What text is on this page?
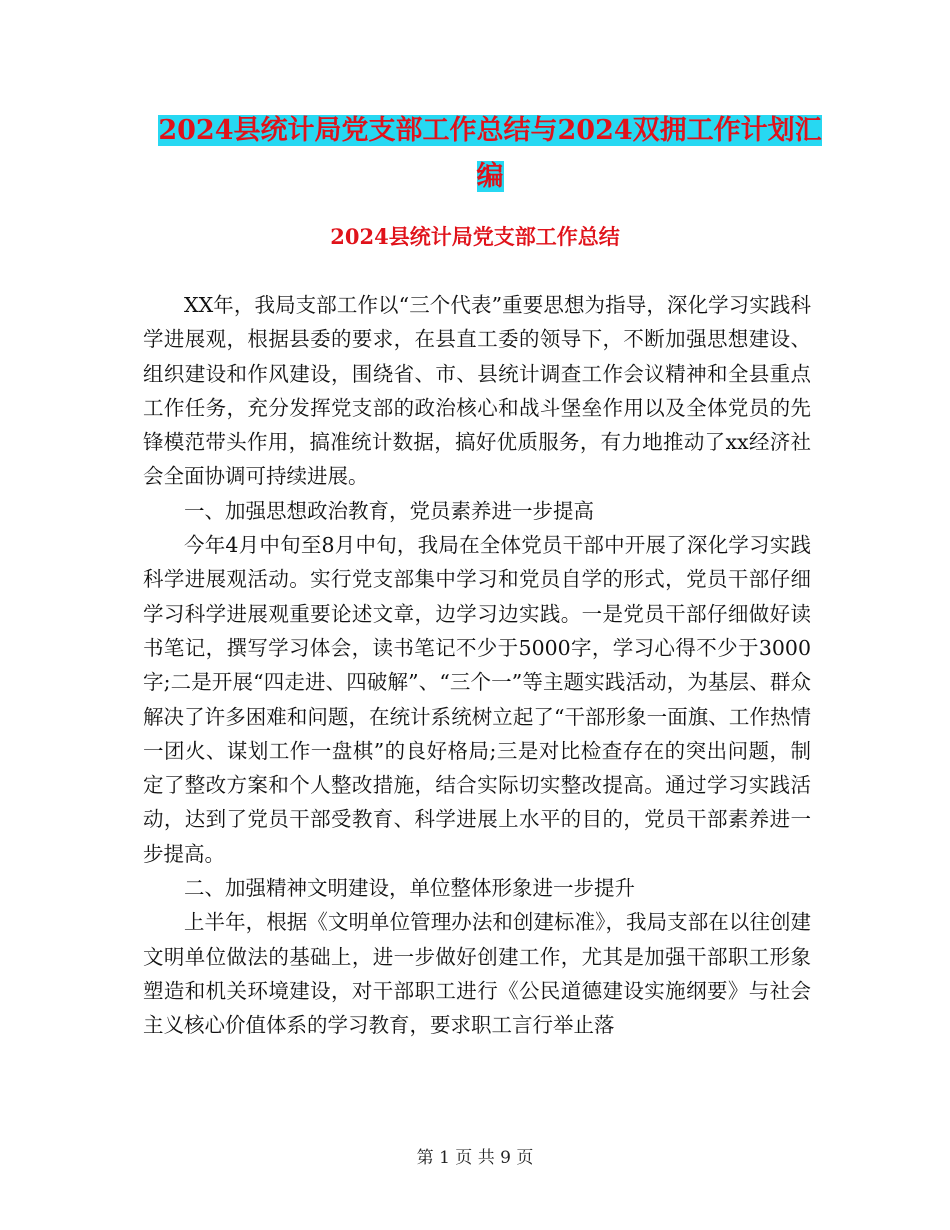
2024县统计局党支部工作总结与2024双拥工作计划汇
编
2024县统计局党支部工作总结

XX年，我局支部工作以“三个代表”重要思想为指导，深化学习实践科学进展观，根据县委的要求，在县直工委的领导下，不断加强思想建设、组织建设和作风建设，围绕省、市、县统计调查工作会议精神和全县重点工作任务，充分发挥党支部的政治核心和战斗堡垒作用以及全体党员的先锋模范带头作用，搞准统计数据，搞好优质服务，有力地推动了xx经济社会全面协调可持续进展。

一、加强思想政治教育，党员素养进一步提高

今年4月中旬至8月中旬，我局在全体党员干部中开展了深化学习实践科学进展观活动。实行党支部集中学习和党员自学的形式，党员干部仔细学习科学进展观重要论述文章，边学习边实践。一是党员干部仔细做好读书笔记，撰写学习体会，读书笔记不少于5000字，学习心得不少于3000字;二是开展“四走进、四破解”、“三个一”等主题实践活动，为基层、群众解决了许多困难和问题，在统计系统树立起了“干部形象一面旗、工作热情一团火、谋划工作一盘棋”的良好格局;三是对比检查存在的突出问题，制定了整改方案和个人整改措施，结合实际切实整改提高。通过学习实践活动，达到了党员干部受教育、科学进展上水平的目的，党员干部素养进一步提高。

二、加强精神文明建设，单位整体形象进一步提升

上半年，根据《文明单位管理办法和创建标准》，我局支部在以往创建文明单位做法的基础上，进一步做好创建工作，尤其是加强干部职工形象塑造和机关环境建设，对干部职工进行《公民道德建设实施纲要》与社会主义核心价值体系的学习教育，要求职工言行举止落

第 1 页 共 9 页
